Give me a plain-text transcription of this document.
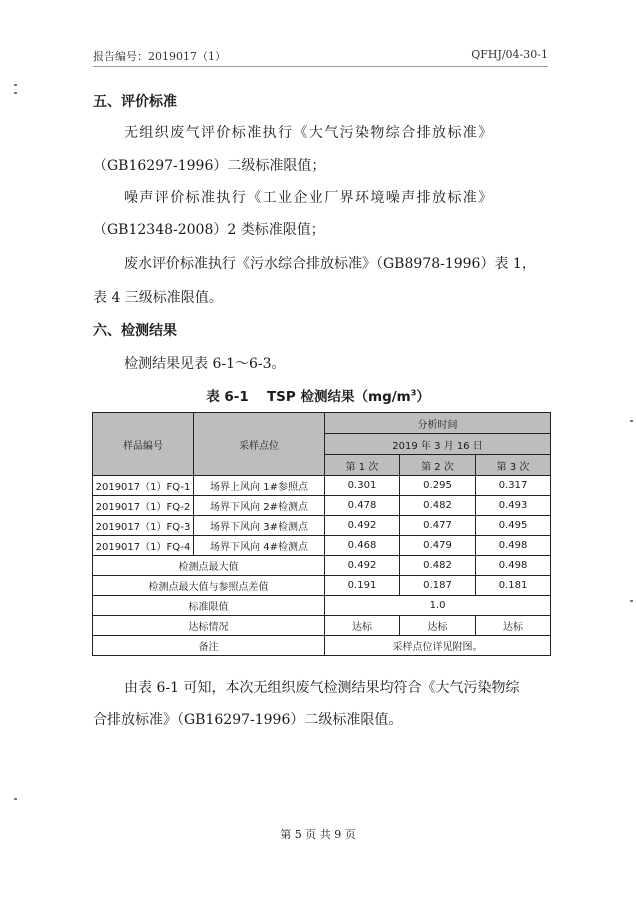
报告编号：2019017（1）	QFHJ/04-30-1
五、评价标准
无组织废气评价标准执行《大气污染物综合排放标准》
（GB16297-1996）二级标准限值；
噪声评价标准执行《工业企业厂界环境噪声排放标准》
（GB12348-2008）2 类标准限值；
废水评价标准执行《污水综合排放标准》（GB8978-1996）表 1，
表 4 三级标准限值。
六、检测结果
检测结果见表 6-1～6-3。
表 6-1　 TSP 检测结果$(mg/m^3)$
样品编号	采样点位	分析时间		
		2019 年 3 月 16 日		
		第 1 次	第 2 次	第 3 次
2019017（1）FQ-1	场界上风向 1#参照点	0.301	0.295	0.317
2019017（1）FQ-2	场界下风向 2#检测点	0.478	0.482	0.493
2019017（1）FQ-3	场界下风向 3#检测点	0.492	0.477	0.495
2019017（1）FQ-4	场界下风向 4#检测点	0.468	0.479	0.498
检测点最大值		0.492	0.482	0.498
检测点最大值与参照点差值		0.191	0.187	0.181
标准限值		1.0		
达标情况		达标	达标	达标
备注		采样点位详见附图。		
由表 6-1 可知，本次无组织废气检测结果均符合《大气污染物综
合排放标准》（GB16297-1996）二级标准限值。
第 5 页 共 9 页
